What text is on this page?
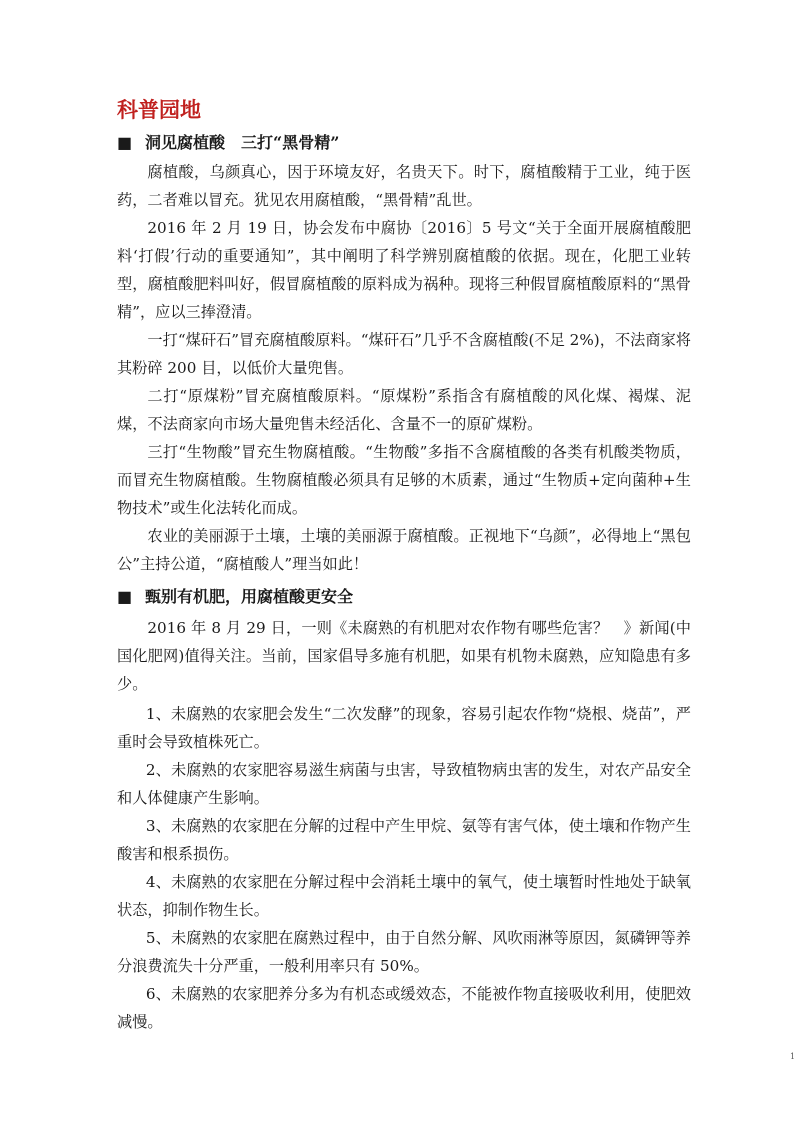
科普园地
■ 洞见腐植酸　三打“黑骨精”

腐植酸，乌颜真心，因于环境友好，名贵天下。时下，腐植酸精于工业，纯于医药，二者难以冒充。犹见农用腐植酸，“黑骨精”乱世。

2016 年 2 月 19 日，协会发布中腐协〔2016〕5 号文“关于全面开展腐植酸肥料‘打假’行动的重要通知”，其中阐明了科学辨别腐植酸的依据。现在，化肥工业转型，腐植酸肥料叫好，假冒腐植酸的原料成为祸种。现将三种假冒腐植酸原料的“黑骨精”，应以三捧澄清。

一打“煤矸石”冒充腐植酸原料。“煤矸石”几乎不含腐植酸(不足 2%)，不法商家将其粉碎 200 目，以低价大量兜售。

二打“原煤粉”冒充腐植酸原料。“原煤粉”系指含有腐植酸的风化煤、褐煤、泥煤，不法商家向市场大量兜售未经活化、含量不一的原矿煤粉。

三打“生物酸”冒充生物腐植酸。“生物酸”多指不含腐植酸的各类有机酸类物质，而冒充生物腐植酸。生物腐植酸必须具有足够的木质素，通过“生物质+定向菌种+生物技术”或生化法转化而成。

农业的美丽源于土壤，土壤的美丽源于腐植酸。正视地下“乌颜”，必得地上“黑包公”主持公道，“腐植酸人”理当如此！

■ 甄别有机肥，用腐植酸更安全

2016 年 8 月 29 日，一则《未腐熟的有机肥对农作物有哪些危害？　》新闻(中国化肥网)值得关注。当前，国家倡导多施有机肥，如果有机物未腐熟，应知隐患有多少。

1、未腐熟的农家肥会发生“二次发酵”的现象，容易引起农作物“烧根、烧苗”，严重时会导致植株死亡。

2、未腐熟的农家肥容易滋生病菌与虫害，导致植物病虫害的发生，对农产品安全和人体健康产生影响。

3、未腐熟的农家肥在分解的过程中产生甲烷、氨等有害气体，使土壤和作物产生酸害和根系损伤。

4、未腐熟的农家肥在分解过程中会消耗土壤中的氧气，使土壤暂时性地处于缺氧状态，抑制作物生长。

5、未腐熟的农家肥在腐熟过程中，由于自然分解、风吹雨淋等原因，氮磷钾等养分浪费流失十分严重，一般利用率只有 50%。

6、未腐熟的农家肥养分多为有机态或缓效态，不能被作物直接吸收利用，使肥效减慢。

1
